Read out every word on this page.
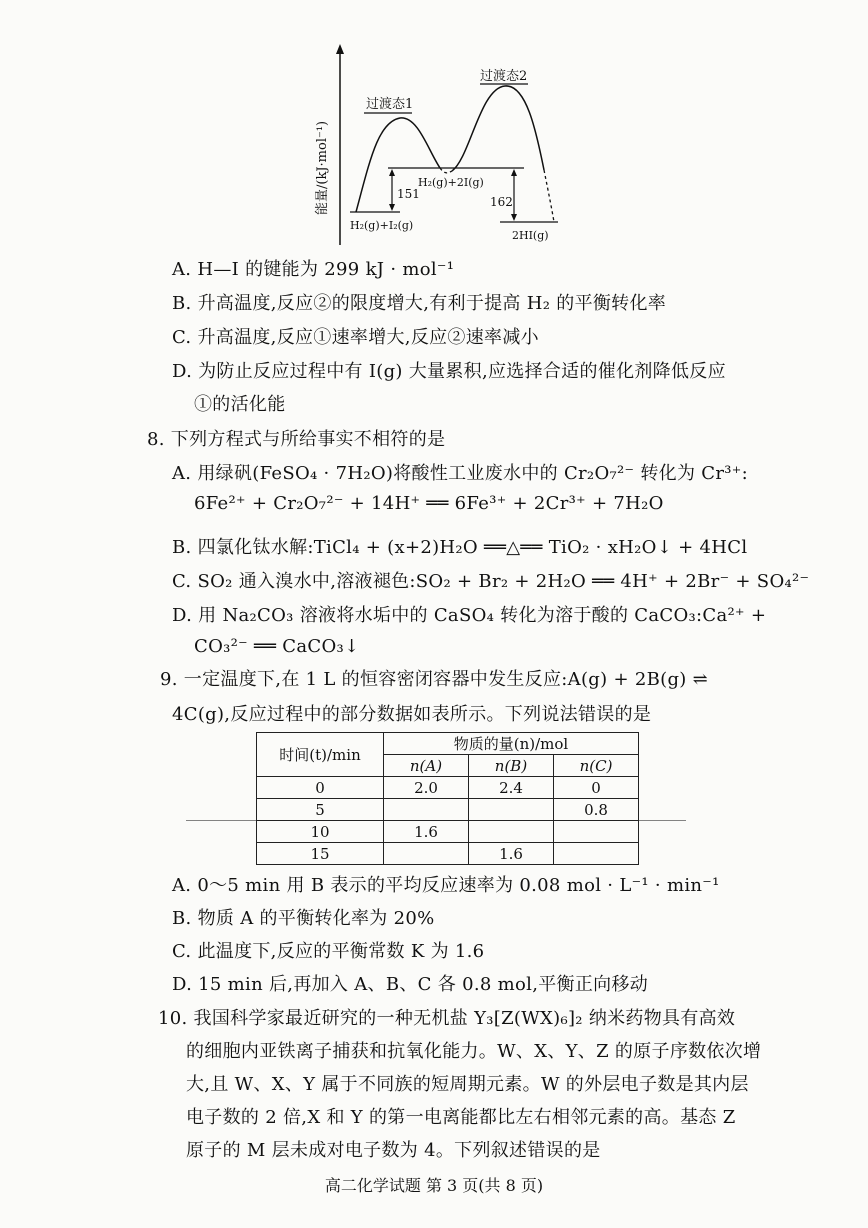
能量/(kJ·mol⁻¹)
过渡态1
过渡态2
H₂(g)+I₂(g)
H₂(g)+2I(g)
2HI(g)
151
162
A. H—I 的键能为 299 kJ · mol⁻¹
B. 升高温度,反应②的限度增大,有利于提高 H₂ 的平衡转化率
C. 升高温度,反应①速率增大,反应②速率减小
D. 为防止反应过程中有 I(g) 大量累积,应选择合适的催化剂降低反应
①的活化能
8. 下列方程式与所给事实不相符的是
A. 用绿矾(FeSO₄ · 7H₂O)将酸性工业废水中的 Cr₂O₇²⁻ 转化为 Cr³⁺:
6Fe²⁺ + Cr₂O₇²⁻ + 14H⁺ ══ 6Fe³⁺ + 2Cr³⁺ + 7H₂O
B. 四氯化钛水解:TiCl₄ + (x+2)H₂O ══△══ TiO₂ · xH₂O↓ + 4HCl
C. SO₂ 通入溴水中,溶液褪色:SO₂ + Br₂ + 2H₂O ══ 4H⁺ + 2Br⁻ + SO₄²⁻
D. 用 Na₂CO₃ 溶液将水垢中的 CaSO₄ 转化为溶于酸的 CaCO₃:Ca²⁺ +
CO₃²⁻ ══ CaCO₃↓
9. 一定温度下,在 1 L 的恒容密闭容器中发生反应:A(g) + 2B(g) ⇌
4C(g),反应过程中的部分数据如表所示。下列说法错误的是
时间(t)/min	物质的量(n)/mol		
	n(A)	n(B)	n(C)
0	2.0	2.4	0
5			0.8
10	1.6		
15		1.6	
A. 0～5 min 用 B 表示的平均反应速率为 0.08 mol · L⁻¹ · min⁻¹
B. 物质 A 的平衡转化率为 20%
C. 此温度下,反应的平衡常数 K 为 1.6
D. 15 min 后,再加入 A、B、C 各 0.8 mol,平衡正向移动
10. 我国科学家最近研究的一种无机盐 Y₃[Z(WX)₆]₂ 纳米药物具有高效
的细胞内亚铁离子捕获和抗氧化能力。W、X、Y、Z 的原子序数依次增
大,且 W、X、Y 属于不同族的短周期元素。W 的外层电子数是其内层
电子数的 2 倍,X 和 Y 的第一电离能都比左右相邻元素的高。基态 Z
原子的 M 层未成对电子数为 4。下列叙述错误的是
高二化学试题 第 3 页(共 8 页)
